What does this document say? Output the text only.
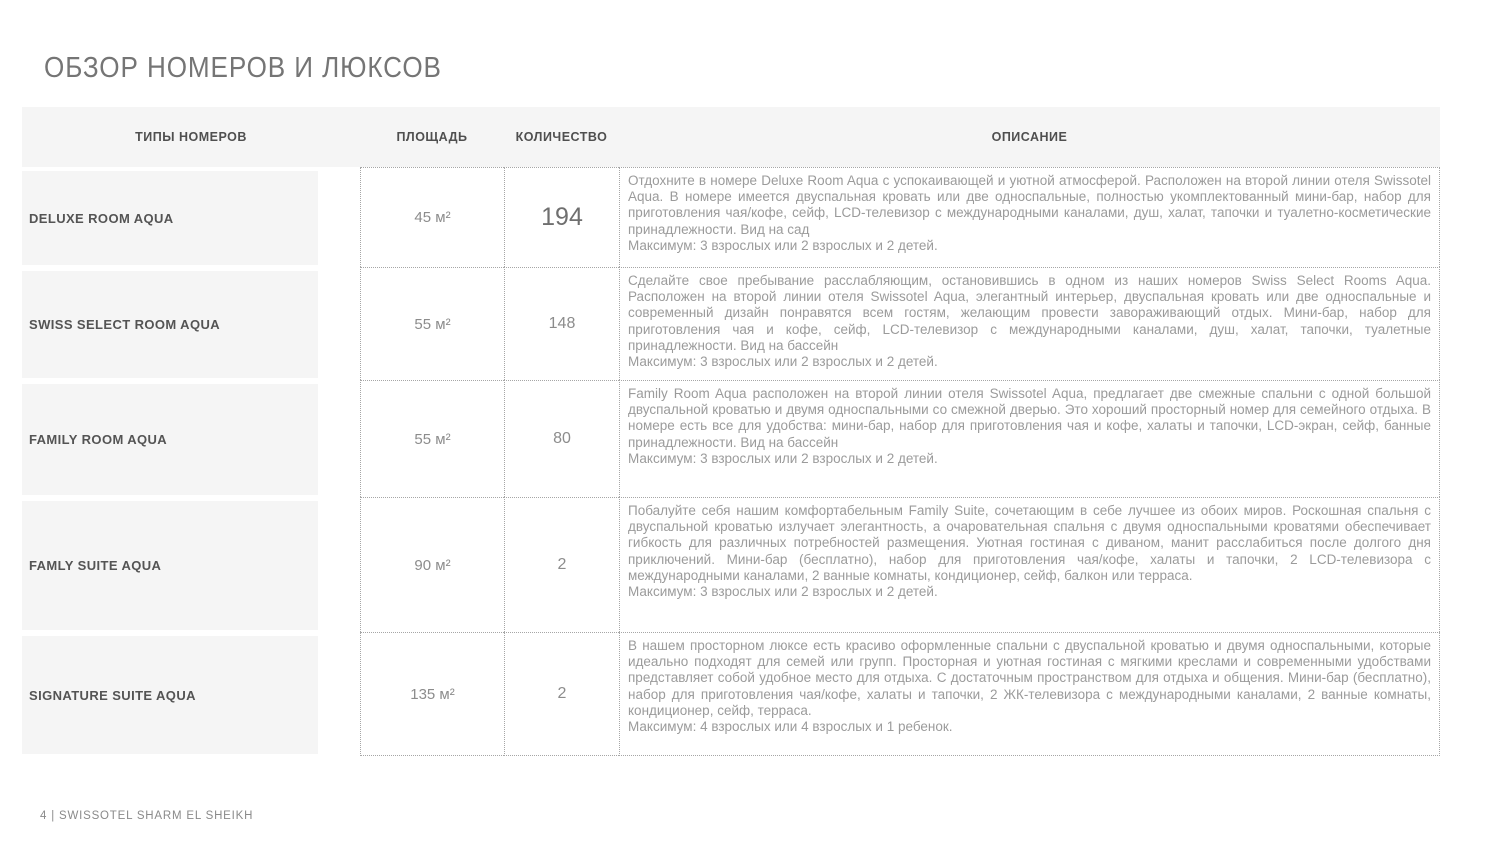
ОБЗОР НОМЕРОВ И ЛЮКСОВ
ТИПЫ НОМЕРОВ	ПЛОЩАДЬ	КОЛИЧЕСТВО	ОПИСАНИЕ
DELUXE ROOM AQUA	45 м²	194
Отдохните в номере Deluxe Room Aqua с успокаивающей и уютной атмосферой. Расположен на второй линии отеля Swissotel Aqua. В номере имеется двуспальная кровать или две односпальные, полностью укомплектованный мини-бар, набор для приготовления чая/кофе, сейф, LCD-телевизор с международными каналами, душ, халат, тапочки и туалетно-косметические принадлежности. Вид на сад
Максимум: 3 взрослых или 2 взрослых и 2 детей.
SWISS SELECT ROOM AQUA	55 м²	148
Сделайте свое пребывание расслабляющим, остановившись в одном из наших номеров Swiss Select Rooms Aqua. Расположен на второй линии отеля Swissotel Aqua, элегантный интерьер, двуспальная кровать или две односпальные и современный дизайн понравятся всем гостям, желающим провести завораживающий отдых. Мини-бар, набор для приготовления чая и кофе, сейф, LCD-телевизор с международными каналами, душ, халат, тапочки, туалетные принадлежности. Вид на бассейн
Максимум: 3 взрослых или 2 взрослых и 2 детей.
FAMILY ROOM AQUA	55 м²	80
Family Room Aqua расположен на второй линии отеля Swissotel Aqua, предлагает две смежные спальни с одной большой двуспальной кроватью и двумя односпальными со смежной дверью. Это хороший просторный номер для семейного отдыха. В номере есть все для удобства: мини-бар, набор для приготовления чая и кофе, халаты и тапочки, LCD-экран, сейф, банные принадлежности. Вид на бассейн
Максимум: 3 взрослых или 2 взрослых и 2 детей.
FAMLY SUITE AQUA	90 м²	2
Побалуйте себя нашим комфортабельным Family Suite, сочетающим в себе лучшее из обоих миров. Роскошная спальня с двуспальной кроватью излучает элегантность, а очаровательная спальня с двумя односпальными кроватями обеспечивает гибкость для различных потребностей размещения. Уютная гостиная с диваном, манит расслабиться после долгого дня приключений. Мини-бар (бесплатно), набор для приготовления чая/кофе, халаты и тапочки, 2 LCD-телевизора с международными каналами, 2 ванные комнаты, кондиционер, сейф, балкон или терраса.
Максимум: 3 взрослых или 2 взрослых и 2 детей.
SIGNATURE SUITE AQUA	135 м²	2
В нашем просторном люксе есть красиво оформленные спальни с двуспальной кроватью и двумя односпальными, которые идеально подходят для семей или групп. Просторная и уютная гостиная с мягкими креслами и современными удобствами представляет собой удобное место для отдыха. С достаточным пространством для отдыха и общения. Мини-бар (бесплатно), набор для приготовления чая/кофе, халаты и тапочки, 2 ЖК-телевизора с международными каналами, 2 ванные комнаты, кондиционер, сейф, терраса.
Максимум: 4 взрослых или 4 взрослых и 1 ребенок.
4 | SWISSOTEL SHARM EL SHEIKH
